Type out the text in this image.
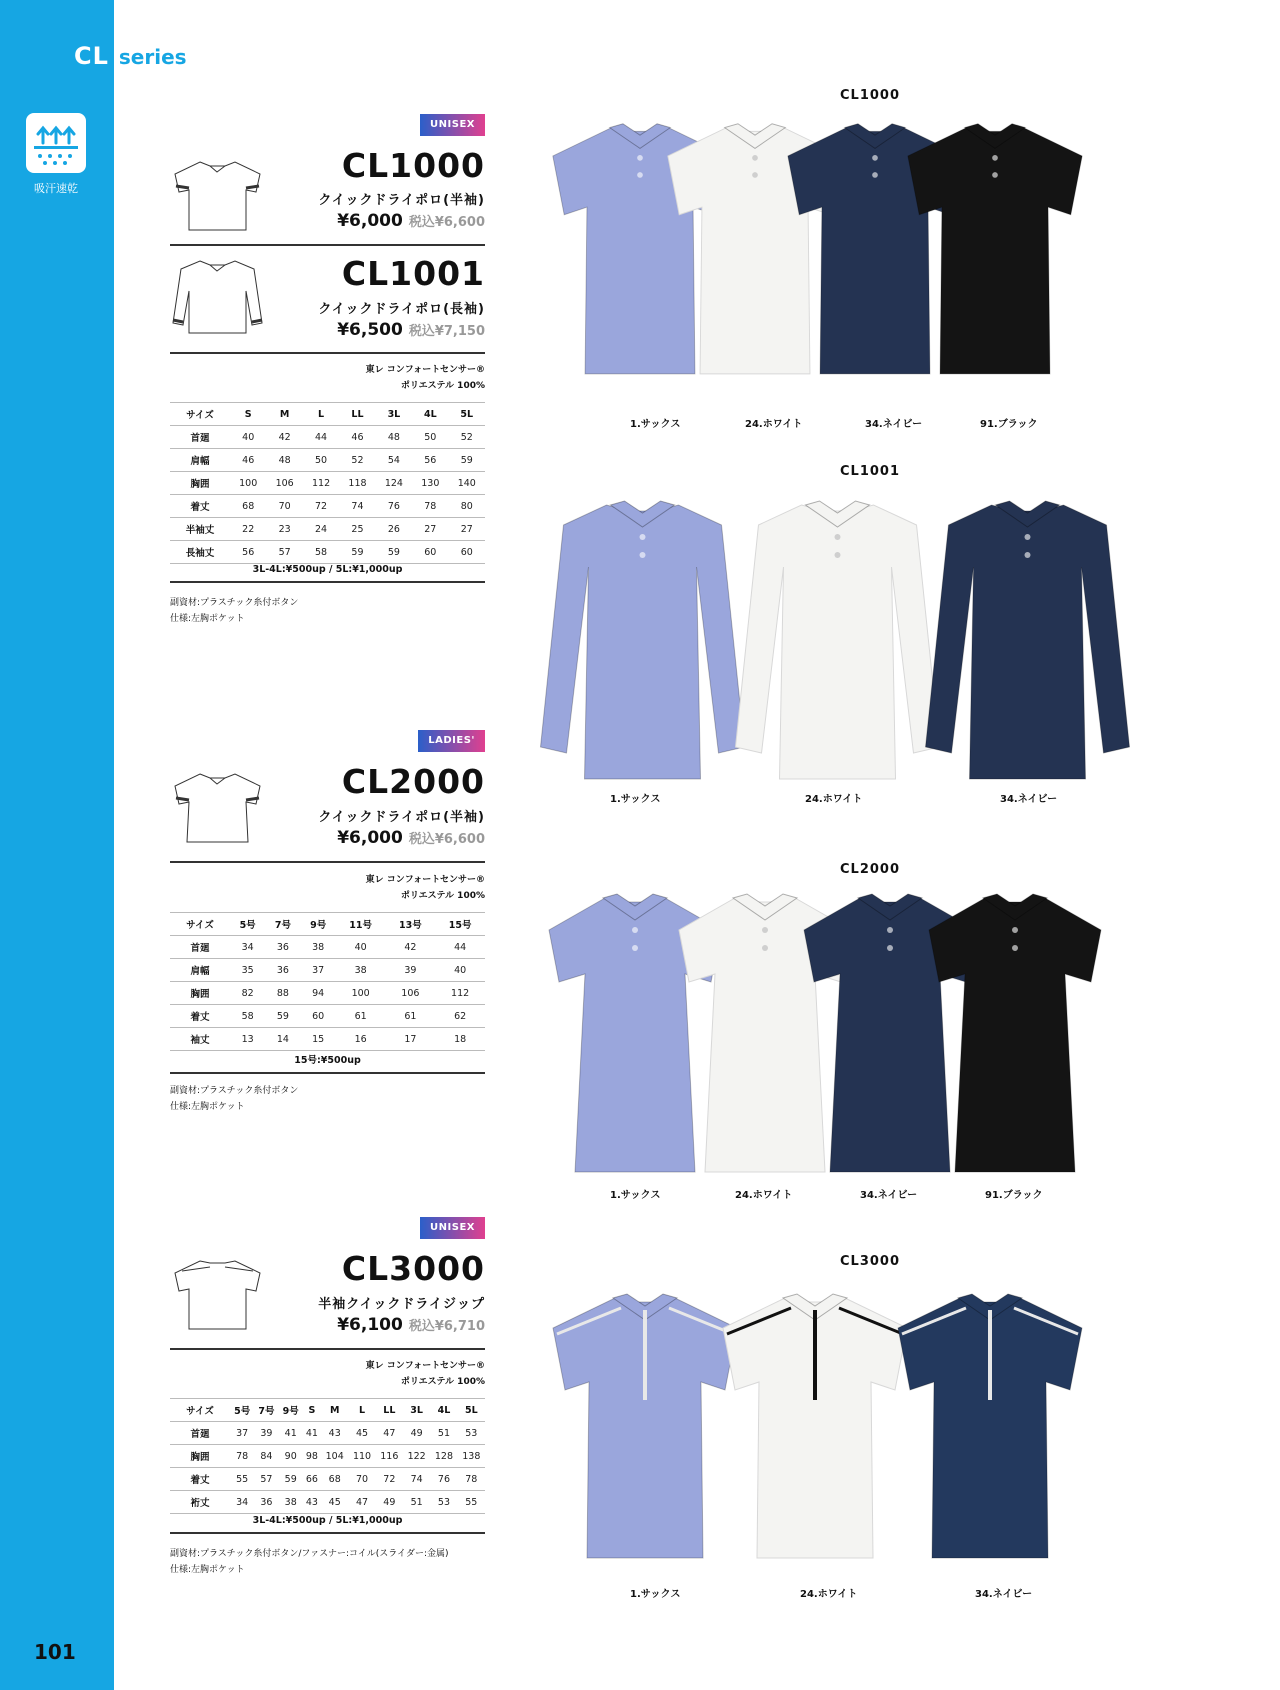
CL series
吸汗速乾
101
UNISEX
CL1000
クイックドライポロ(半袖)
¥6,000 税込¥6,600
CL1001
クイックドライポロ(長袖)
¥6,500 税込¥7,150
東レ コンフォートセンサー®
ポリエステル 100%
サイズ	S	M	L	LL	3L	4L	5L
首廻	40	42	44	46	48	50	52
肩幅	46	48	50	52	54	56	59
胸囲	100	106	112	118	124	130	140
着丈	68	70	72	74	76	78	80
半袖丈	22	23	24	25	26	27	27
長袖丈	56	57	58	59	59	60	60
3L-4L:¥500up / 5L:¥1,000up
副資材:プラスチック糸付ボタン
仕様:左胸ポケット
LADIES'
CL2000
クイックドライポロ(半袖)
¥6,000 税込¥6,600
東レ コンフォートセンサー®
ポリエステル 100%
サイズ	5号	7号	9号	11号	13号	15号
首廻	34	36	38	40	42	44
肩幅	35	36	37	38	39	40
胸囲	82	88	94	100	106	112
着丈	58	59	60	61	61	62
袖丈	13	14	15	16	17	18
15号:¥500up
副資材:プラスチック糸付ボタン
仕様:左胸ポケット
UNISEX
CL3000
半袖クイックドライジップ
¥6,100 税込¥6,710
東レ コンフォートセンサー®
ポリエステル 100%
サイズ	5号	7号	9号	S	M	L	LL	3L	4L	5L
首廻	37	39	41	41	43	45	47	49	51	53
胸囲	78	84	90	98	104	110	116	122	128	138
着丈	55	57	59	66	68	70	72	74	76	78
裄丈	34	36	38	43	45	47	49	51	53	55
3L-4L:¥500up / 5L:¥1,000up
副資材:プラスチック糸付ボタン/ファスナー:コイル(スライダー:金属)
仕様:左胸ポケット
CL1000
CL1001
CL2000
CL3000
1.サックス	24.ホワイト	34.ネイビー	91.ブラック
1.サックス	24.ホワイト	34.ネイビー
1.サックス	24.ホワイト	34.ネイビー	91.ブラック
1.サックス	24.ホワイト	34.ネイビー
